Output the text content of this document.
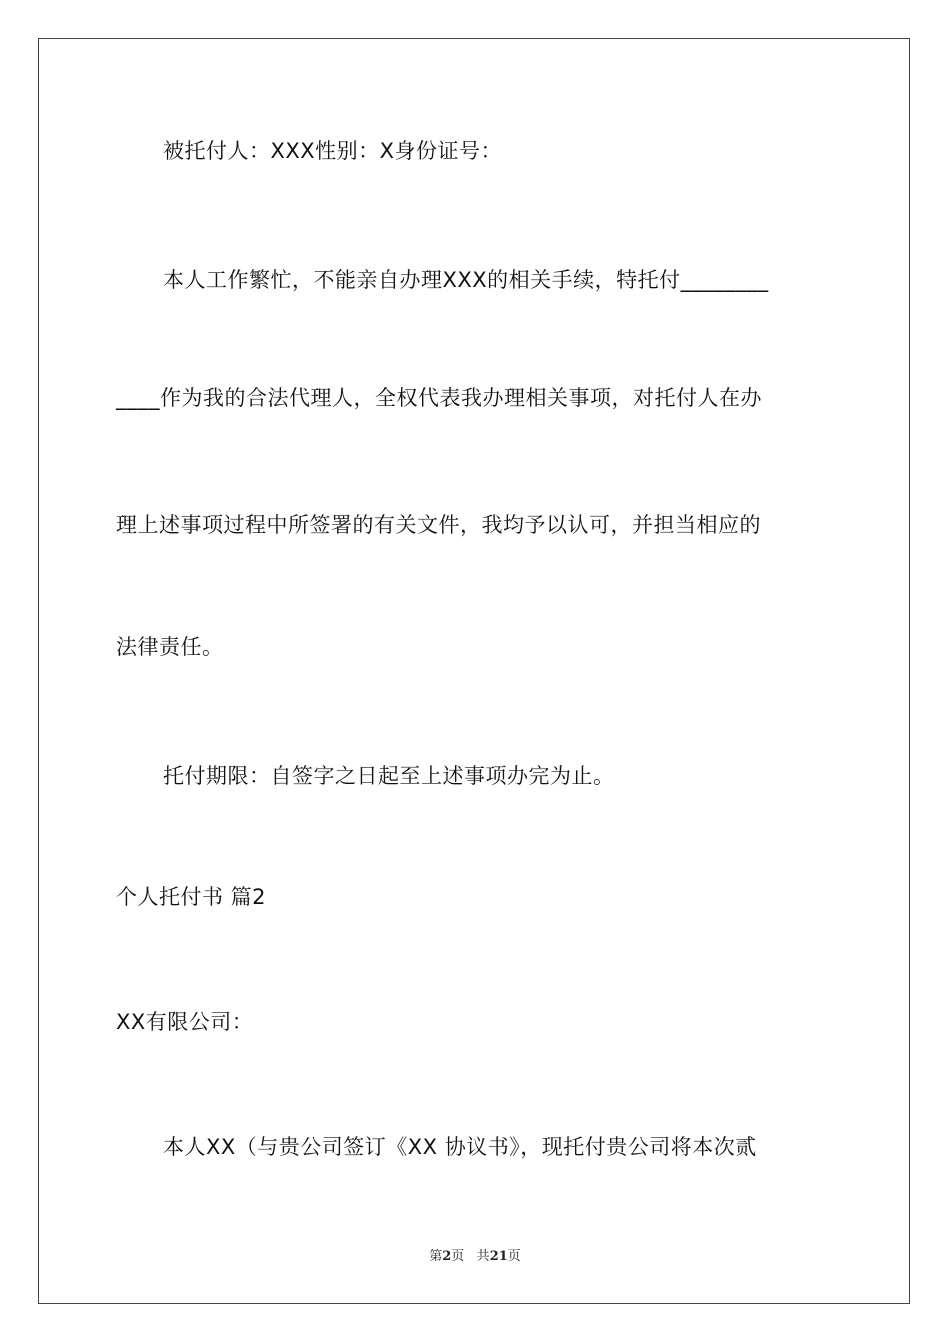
被托付人：XXX性别：X身份证号：
本人工作繁忙，不能亲自办理XXX的相关手续，特托付________
____作为我的合法代理人，全权代表我办理相关事项，对托付人在办
理上述事项过程中所签署的有关文件，我均予以认可，并担当相应的
法律责任。
托付期限：自签字之日起至上述事项办完为止。
个人托付书 篇2
XX有限公司：
本人XX（与贵公司签订《XX 协议书》，现托付贵公司将本次贰
第2页 共21页
